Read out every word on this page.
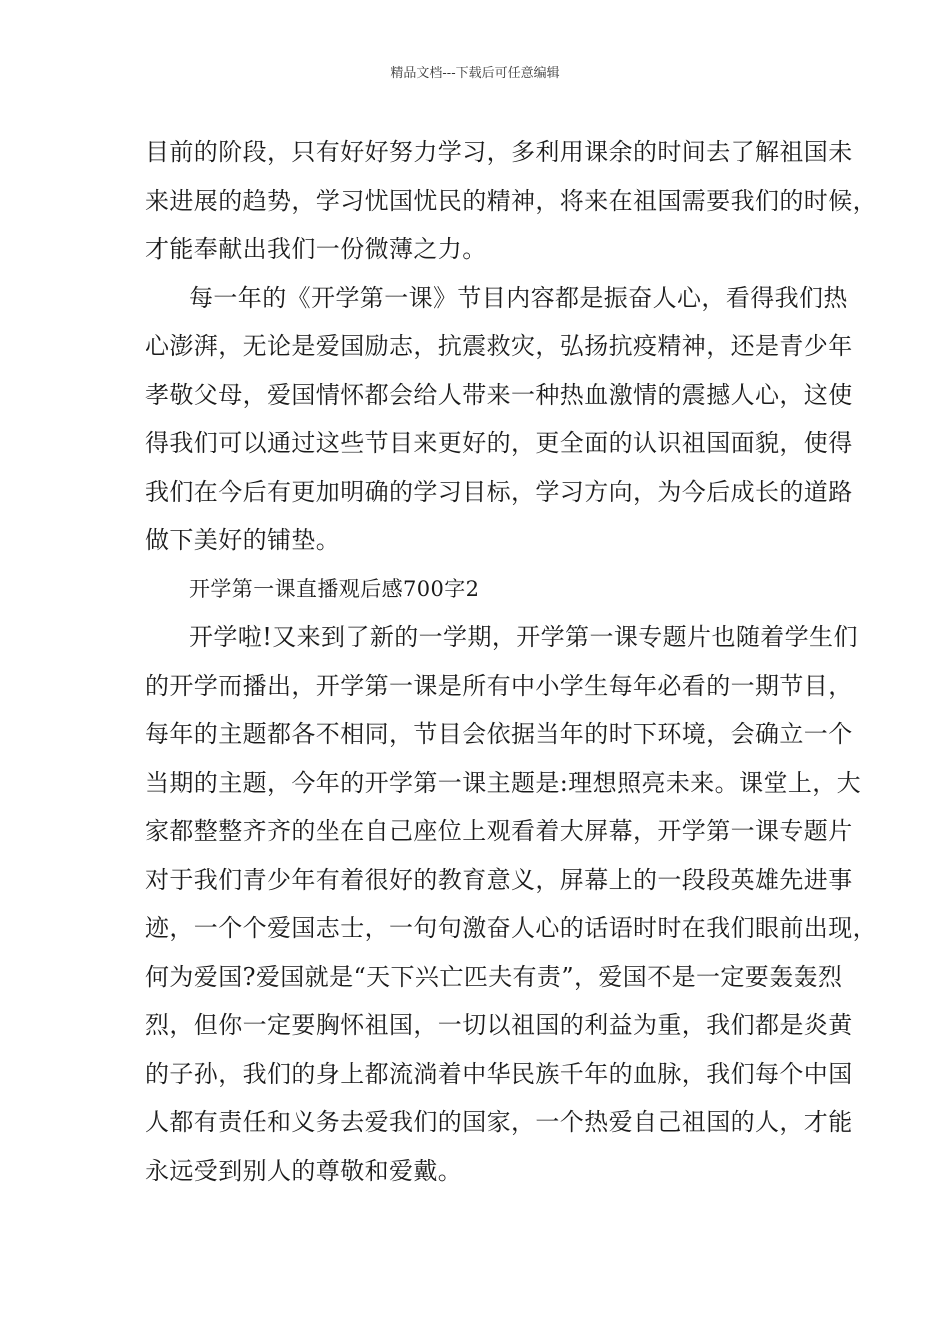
精品文档---下载后可任意编辑
目前的阶段，只有好好努力学习，多利用课余的时间去了解祖国未
来进展的趋势，学习忧国忧民的精神，将来在祖国需要我们的时候，
才能奉献出我们一份微薄之力。
每一年的《开学第一课》节目内容都是振奋人心，看得我们热
心澎湃，无论是爱国励志，抗震救灾，弘扬抗疫精神，还是青少年
孝敬父母，爱国情怀都会给人带来一种热血激情的震撼人心，这使
得我们可以通过这些节目来更好的，更全面的认识祖国面貌，使得
我们在今后有更加明确的学习目标，学习方向，为今后成长的道路
做下美好的铺垫。
开学第一课直播观后感700字2
开学啦!又来到了新的一学期，开学第一课专题片也随着学生们
的开学而播出，开学第一课是所有中小学生每年必看的一期节目，
每年的主题都各不相同，节目会依据当年的时下环境，会确立一个
当期的主题，今年的开学第一课主题是:理想照亮未来。课堂上，大
家都整整齐齐的坐在自己座位上观看着大屏幕，开学第一课专题片
对于我们青少年有着很好的教育意义，屏幕上的一段段英雄先进事
迹，一个个爱国志士，一句句激奋人心的话语时时在我们眼前出现，
何为爱国?爱国就是“天下兴亡匹夫有责”，爱国不是一定要轰轰烈
烈，但你一定要胸怀祖国，一切以祖国的利益为重，我们都是炎黄
的子孙，我们的身上都流淌着中华民族千年的血脉，我们每个中国
人都有责任和义务去爱我们的国家，一个热爱自己祖国的人，才能
永远受到别人的尊敬和爱戴。
